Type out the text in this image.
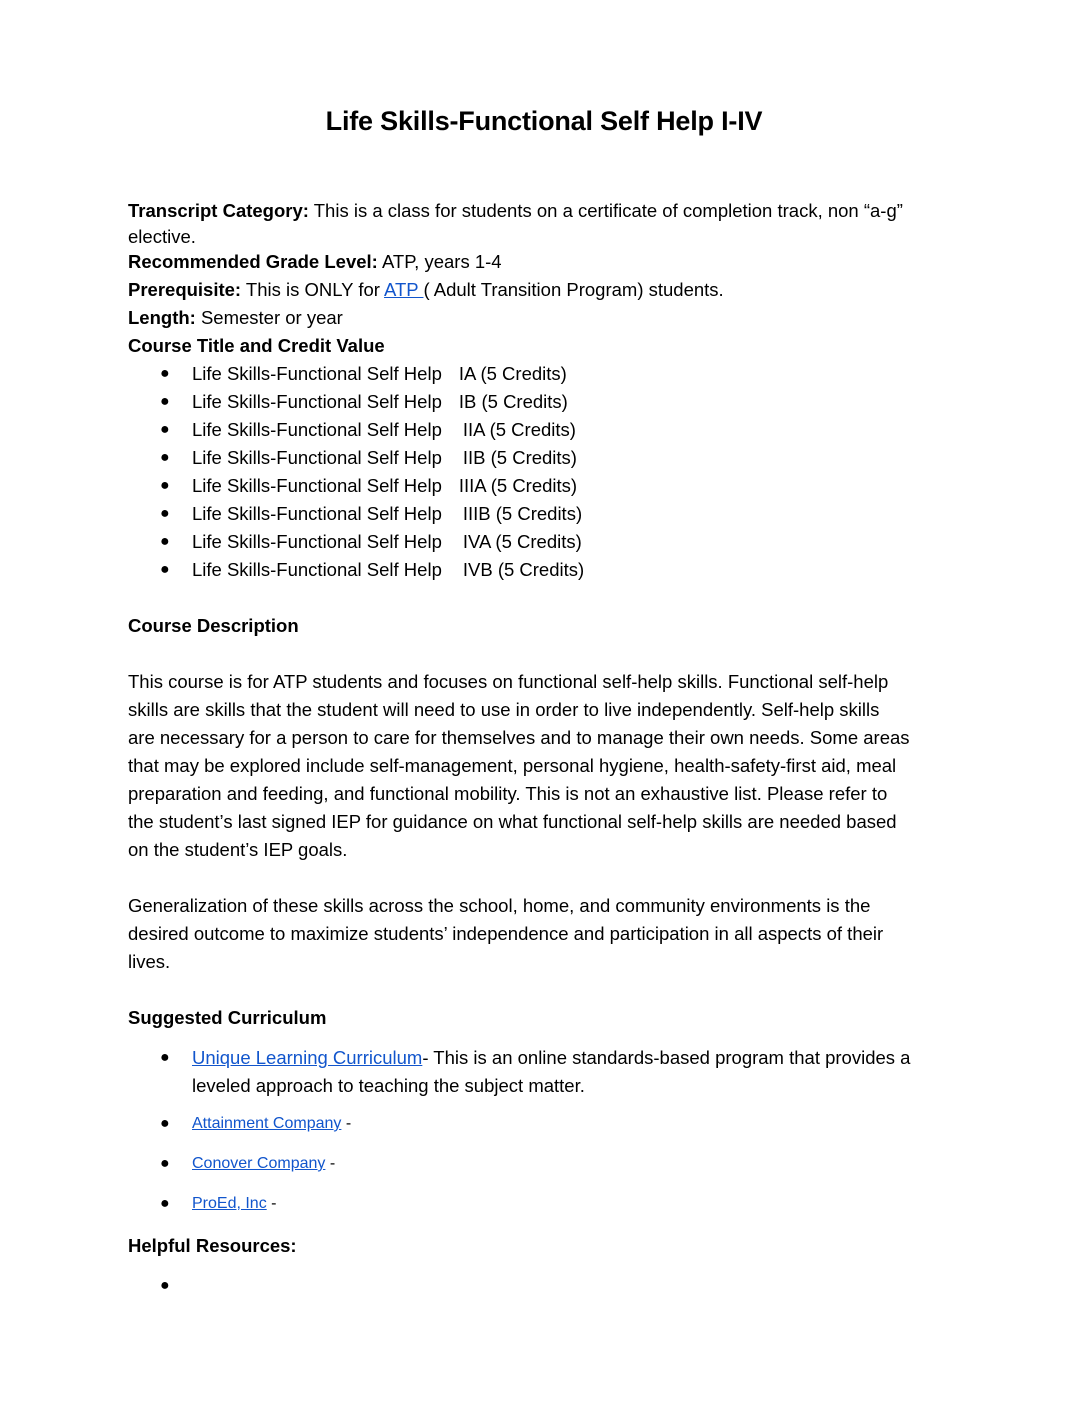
Life Skills-Functional Self Help I-IV
Transcript Category: This is a class for students on a certificate of completion track, non “a-g”
elective.
Recommended Grade Level: ATP, years 1-4
Prerequisite: This is ONLY for ATP ( Adult Transition Program) students.
Length: Semester or year
Course Title and Credit Value
● Life Skills-Functional Self Help IA (5 Credits)
● Life Skills-Functional Self Help IB (5 Credits)
● Life Skills-Functional Self Help IIA (5 Credits)
● Life Skills-Functional Self Help IIB (5 Credits)
● Life Skills-Functional Self Help IIIA (5 Credits)
● Life Skills-Functional Self Help IIIB (5 Credits)
● Life Skills-Functional Self Help IVA (5 Credits)
● Life Skills-Functional Self Help IVB (5 Credits)
Course Description
This course is for ATP students and focuses on functional self-help skills. Functional self-help
skills are skills that the student will need to use in order to live independently. Self-help skills
are necessary for a person to care for themselves and to manage their own needs. Some areas
that may be explored include self-management, personal hygiene, health-safety-first aid, meal
preparation and feeding, and functional mobility. This is not an exhaustive list. Please refer to
the student’s last signed IEP for guidance on what functional self-help skills are needed based
on the student’s IEP goals.
Generalization of these skills across the school, home, and community environments is the
desired outcome to maximize students’ independence and participation in all aspects of their
lives.
Suggested Curriculum
● Unique Learning Curriculum- This is an online standards-based program that provides a
leveled approach to teaching the subject matter.
● Attainment Company -
● Conover Company -
● ProEd, Inc -
Helpful Resources:
●
